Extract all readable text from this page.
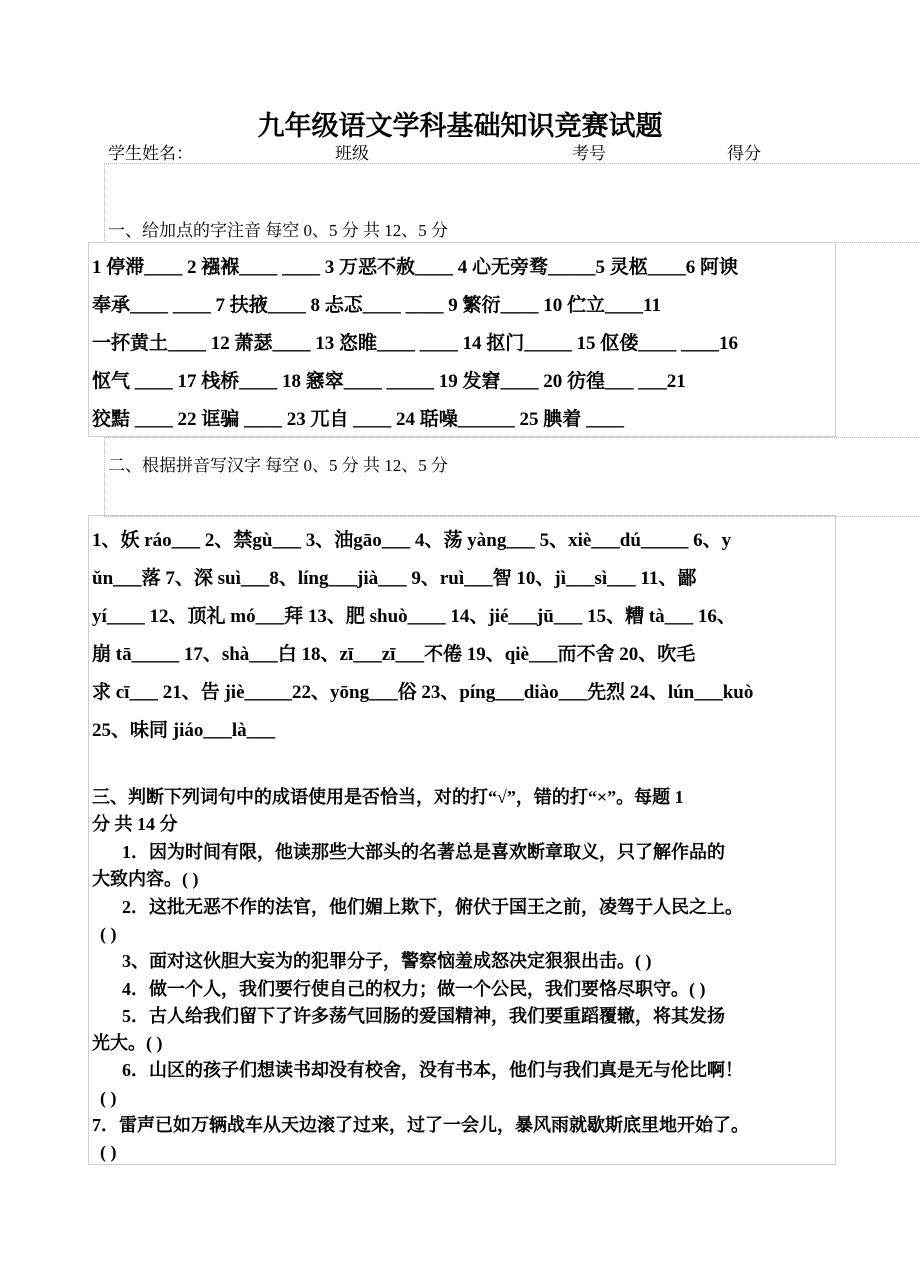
九年级语文学科基础知识竞赛试题
学生姓名：	班级	考号	得分
一、给加点的字注音 每空 0、5 分 共 12、5 分
1 停滞____ 2 襁褓____ ____ 3 万恶不赦____ 4 心无旁骛_____5 灵柩____6 阿谀
奉承____ ____ 7 扶掖____ 8 忐忑____ ____ 9 繁衍____ 10 伫立____11
一抔黄土____ 12 萧瑟____ 13 恣睢____ ____ 14 抠门_____ 15 伛偻____ ____16
怄气 ____ 17 栈桥____ 18 窸窣____ _____ 19 发窘____ 20 彷徨___ ___21
狡黠 ____ 22 诓骗 ____ 23 兀自 ____ 24 聒噪______ 25 腆着 ____
二、根据拼音写汉字 每空 0、5 分 共 12、5 分
1、妖 ráo___ 2、禁gù___ 3、油gāo___ 4、荡 yàng___ 5、xiè___dú_____ 6、y
ǔn___落 7、深 suì___8、líng___jià___ 9、ruì___智 10、jì___sì___ 11、鄙
yí____ 12、顶礼 mó___拜 13、肥 shuò____ 14、jié___jū___ 15、糟 tà___ 16、
崩 tā_____ 17、shà___白 18、zī___zī___不倦 19、qiè___而不舍 20、吹毛
求 cī___ 21、告 jiè_____22、yōng___俗 23、píng___diào___先烈 24、lún___kuò
25、味同 jiáo___là___
三、判断下列词句中的成语使用是否恰当，对的打“√”，错的打“×”。每题 1
分 共 14 分
1．因为时间有限，他读那些大部头的名著总是喜欢断章取义，只了解作品的
大致内容。( )
2．这批无恶不作的法官，他们媚上欺下，俯伏于国王之前，凌驾于人民之上。
( )
3、面对这伙胆大妄为的犯罪分子，警察恼羞成怒决定狠狠出击。( )
4．做一个人，我们要行使自己的权力；做一个公民，我们要恪尽职守。( )
5．古人给我们留下了许多荡气回肠的爱国精神，我们要重蹈覆辙，将其发扬
光大。( )
6．山区的孩子们想读书却没有校舍，没有书本，他们与我们真是无与伦比啊！
( )
7．雷声已如万辆战车从天边滚了过来，过了一会儿，暴风雨就歇斯底里地开始了。
( )
